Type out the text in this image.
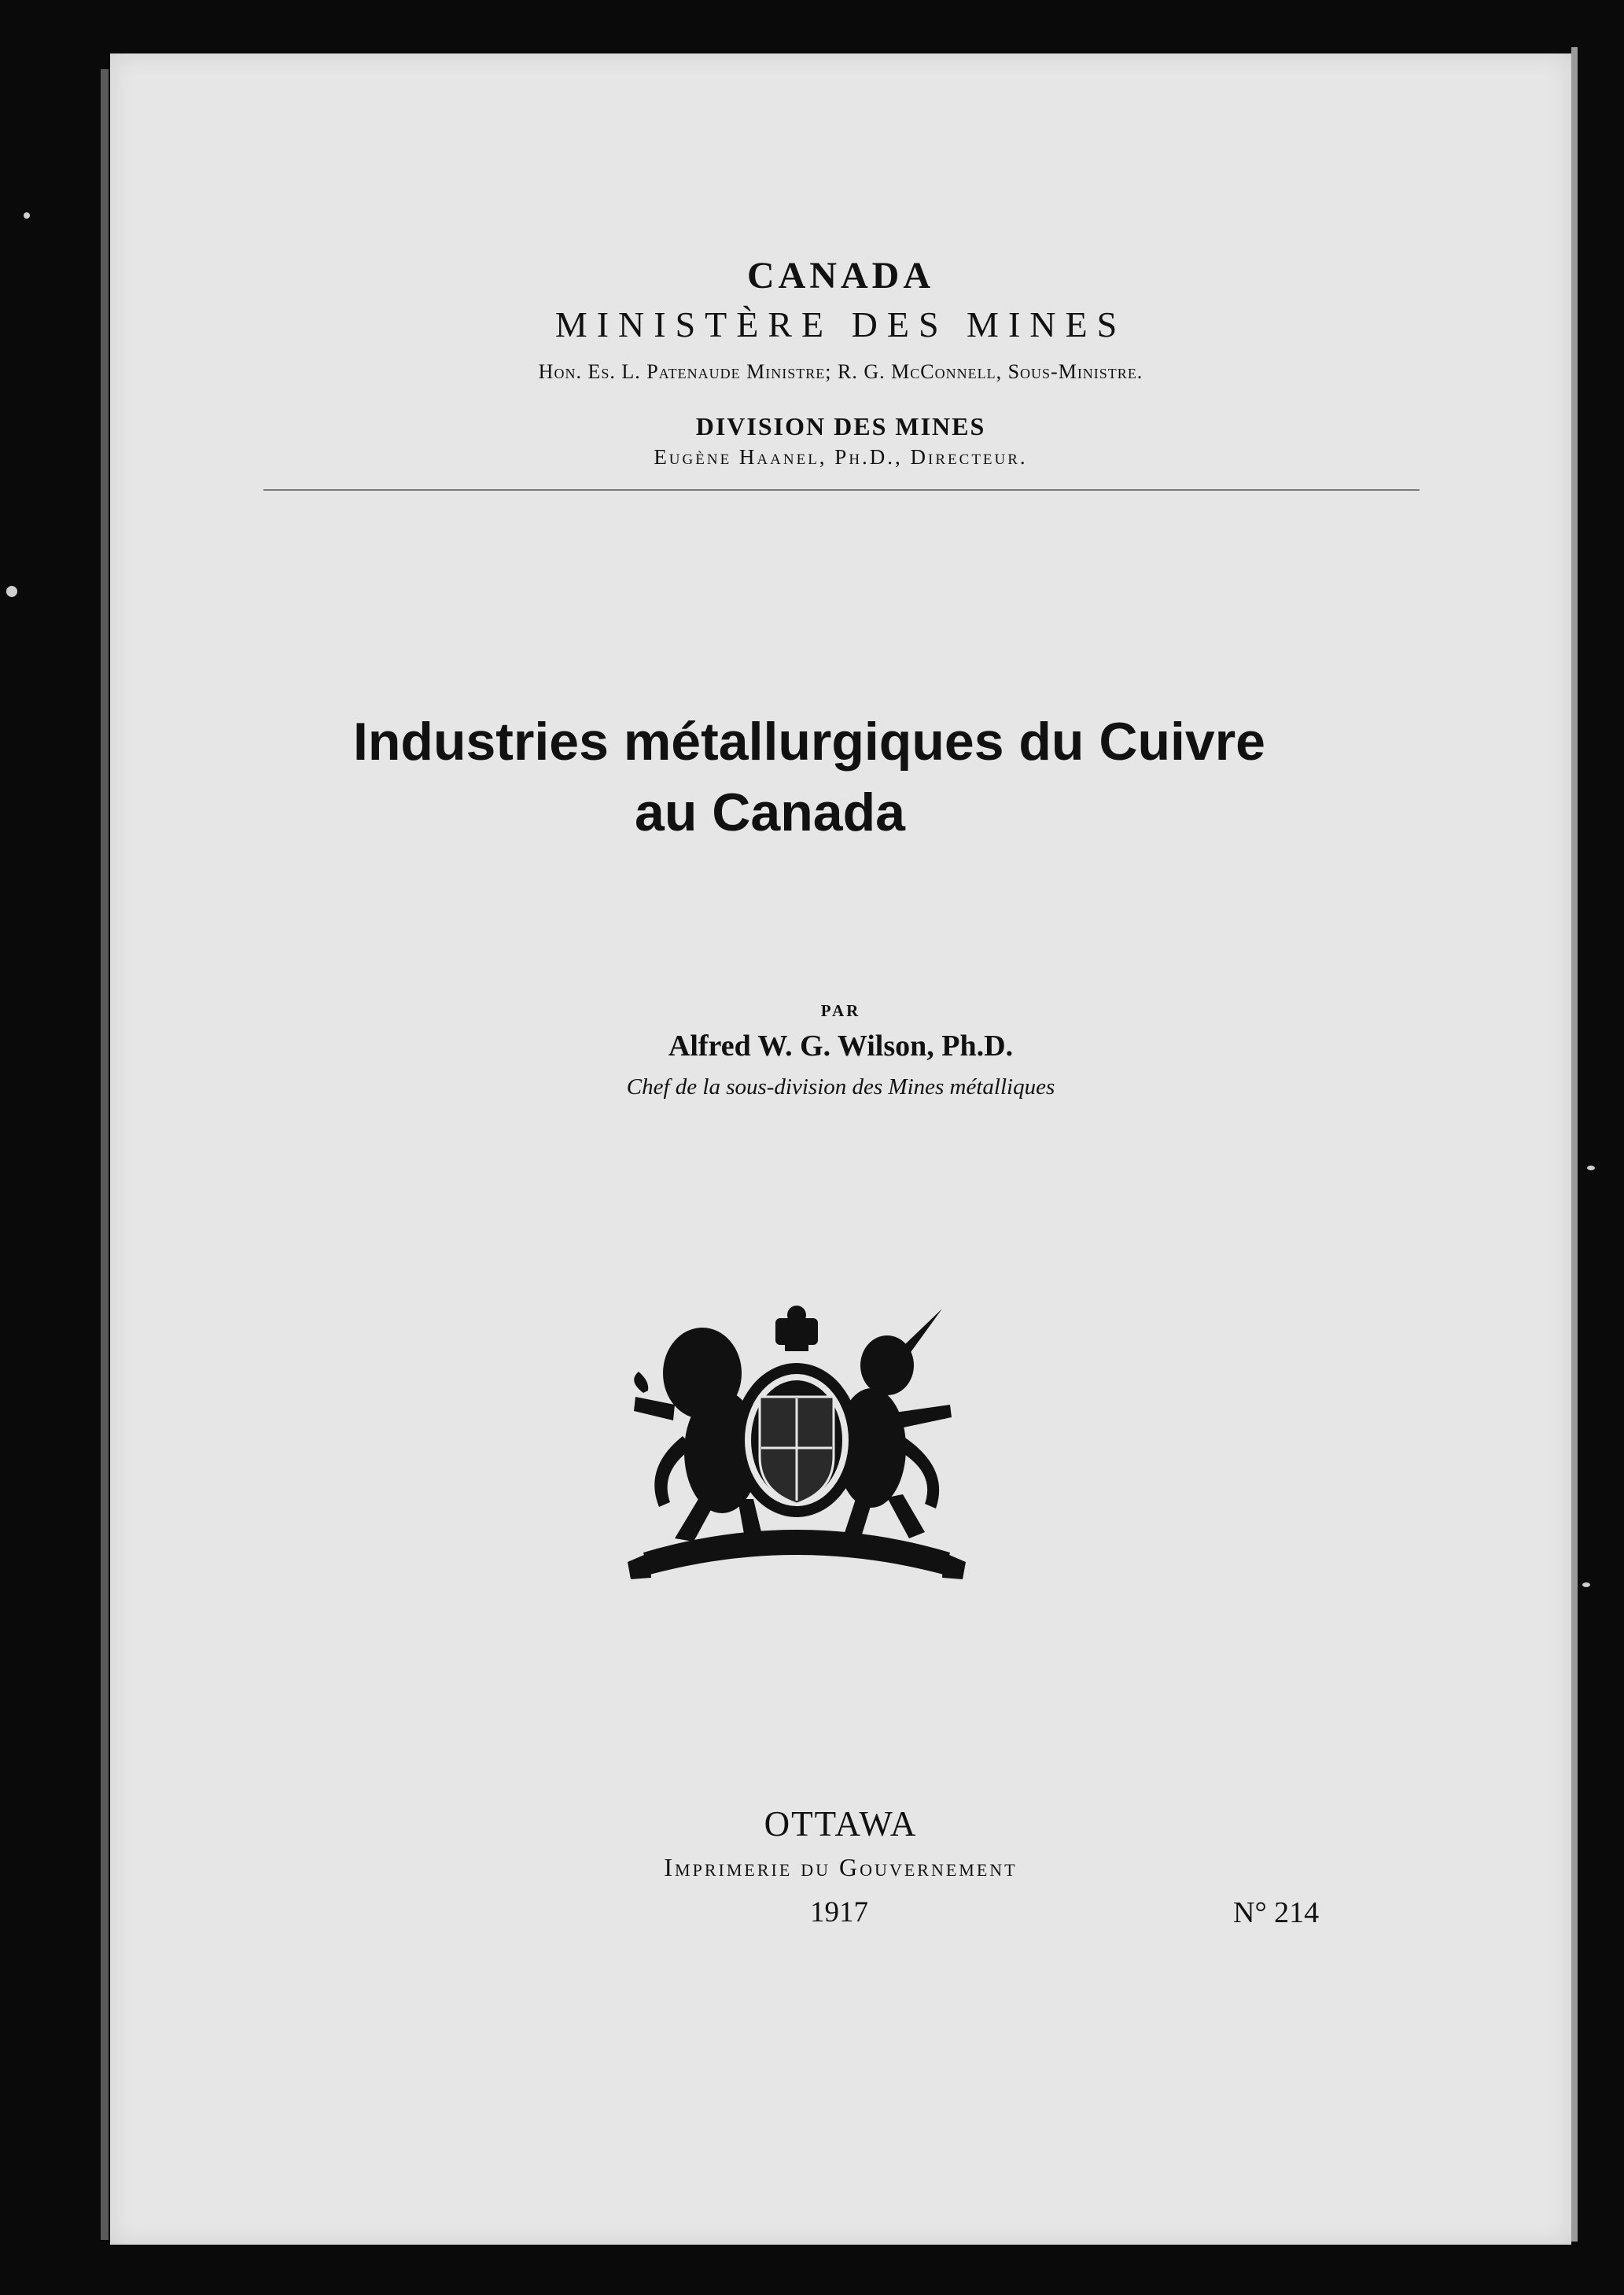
CANADA
MINISTÈRE DES MINES
Hon. Es. L. Patenaude Ministre; R. G. McConnell, Sous-Ministre.
DIVISION DES MINES
Eugène Haanel, Ph.D., Directeur.
Industries métallurgiques du Cuivre
au Canada
PAR
Alfred W. G. Wilson, Ph.D.
Chef de la sous-division des Mines métalliques
OTTAWA
Imprimerie du Gouvernement
1917	N° 214
